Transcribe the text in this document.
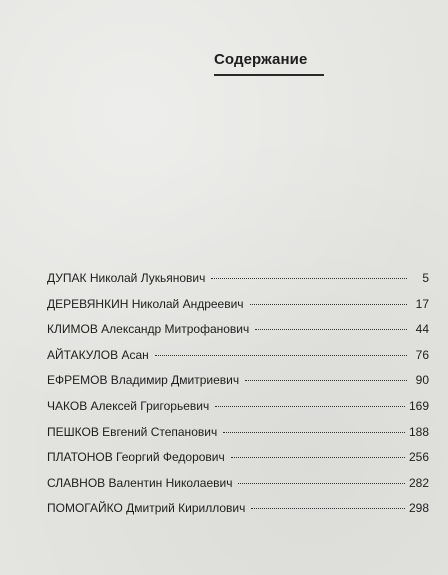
Содержание
ДУПАК Николай Лукьянович	5
ДЕРЕВЯНКИН Николай Андреевич	17
КЛИМОВ Александр Митрофанович	44
АЙТАКУЛОВ Асан	76
ЕФРЕМОВ Владимир Дмитриевич	90
ЧАКОВ Алексей Григорьевич	169
ПЕШКОВ Евгений Степанович	188
ПЛАТОНОВ Георгий Федорович	256
СЛАВНОВ Валентин Николаевич	282
ПОМОГАЙКО Дмитрий Кириллович	298
